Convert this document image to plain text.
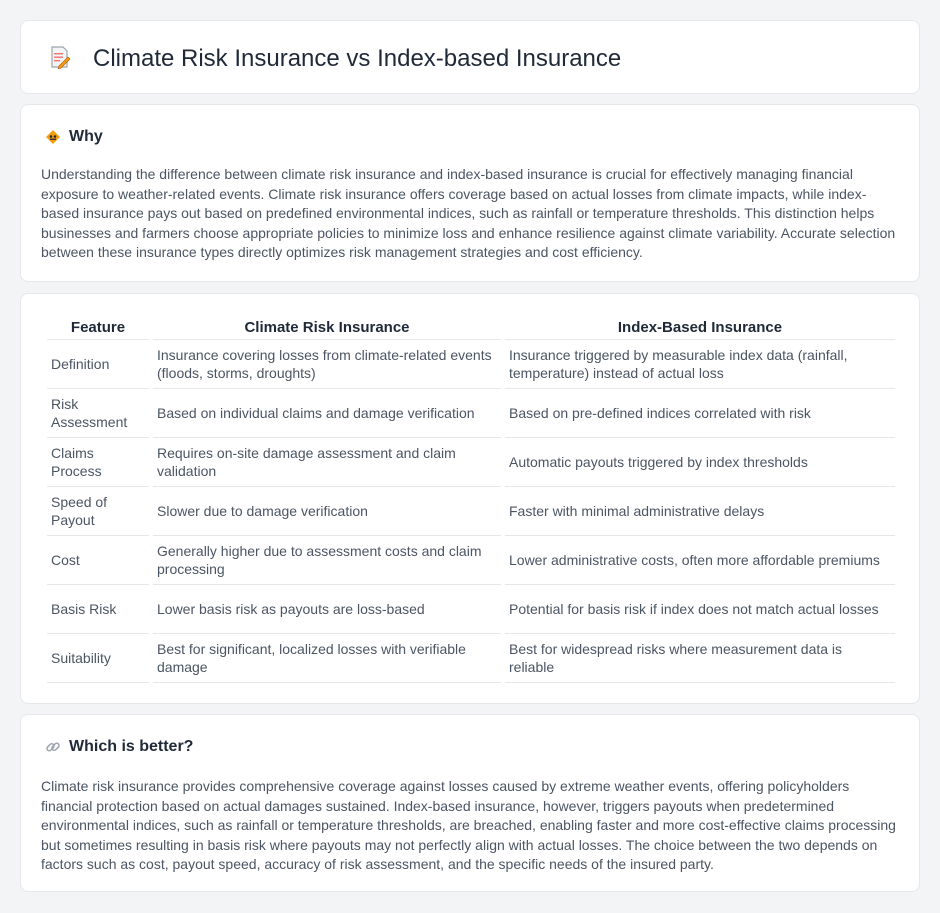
Climate Risk Insurance vs Index-based Insurance
Why

Understanding the difference between climate risk insurance and index-based insurance is crucial for effectively managing financial exposure to weather-related events. Climate risk insurance offers coverage based on actual losses from climate impacts, while index-based insurance pays out based on predefined environmental indices, such as rainfall or temperature thresholds. This distinction helps businesses and farmers choose appropriate policies to minimize loss and enhance resilience against climate variability. Accurate selection between these insurance types directly optimizes risk management strategies and cost efficiency.

Feature	Climate Risk Insurance	Index-Based Insurance
Definition	Insurance covering losses from climate-related events (floods, storms, droughts)	Insurance triggered by measurable index data (rainfall, temperature) instead of actual loss
Risk Assessment	Based on individual claims and damage verification	Based on pre-defined indices correlated with risk
Claims Process	Requires on-site damage assessment and claim validation	Automatic payouts triggered by index thresholds
Speed of Payout	Slower due to damage verification	Faster with minimal administrative delays
Cost	Generally higher due to assessment costs and claim processing	Lower administrative costs, often more affordable premiums
Basis Risk	Lower basis risk as payouts are loss-based	Potential for basis risk if index does not match actual losses
Suitability	Best for significant, localized losses with verifiable damage	Best for widespread risks where measurement data is reliable
Which is better?

Climate risk insurance provides comprehensive coverage against losses caused by extreme weather events, offering policyholders financial protection based on actual damages sustained. Index-based insurance, however, triggers payouts when predetermined environmental indices, such as rainfall or temperature thresholds, are breached, enabling faster and more cost-effective claims processing but sometimes resulting in basis risk where payouts may not perfectly align with actual losses. The choice between the two depends on factors such as cost, payout speed, accuracy of risk assessment, and the specific needs of the insured party.
